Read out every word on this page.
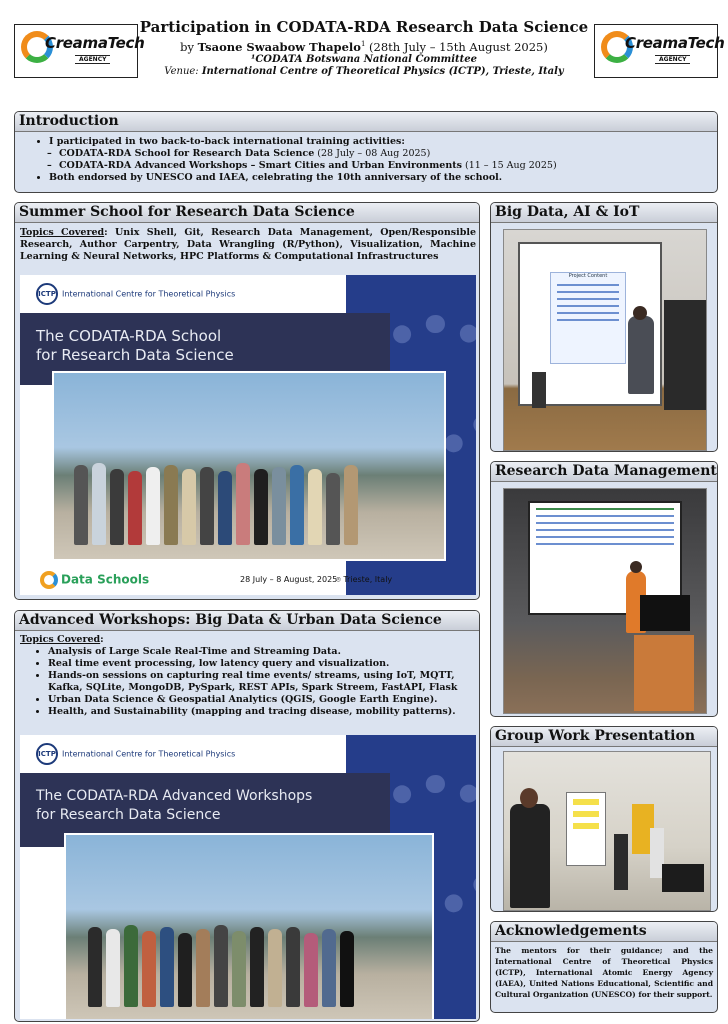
CreamaTech
AGENCY
CreamaTech
AGENCY
Participation in CODATA-RDA Research Data Science
by Tsaone Swaabow Thapelo$^1$ (28th July – 15th August 2025)
¹CODATA Botswana National Committee
Venue: International Centre of Theoretical Physics (ICTP), Trieste, Italy
Introduction
• I participated in two back-to-back international training activities:
– CODATA-RDA School for Research Data Science (28 July – 08 Aug 2025)
– CODATA-RDA Advanced Workshops – Smart Cities and Urban Environments (11 – 15 Aug 2025)
• Both endorsed by UNESCO and IAEA, celebrating the 10th anniversary of the school.
Summer School for Research Data Science
Topics Covered: Unix Shell, Git, Research Data Management, Open/Responsible Research, Author Carpentry, Data Wrangling (R/Python), Visualization, Machine Learning & Neural Networks, HPC Platforms & Computational Infrastructures
ICTP International Centre for Theoretical Physics
The CODATA-RDA School
for Research Data Science
Data Schools	28 July – 8 August, 2025
⌾ Trieste, Italy
Advanced Workshops: Big Data & Urban Data Science
Topics Covered:
• Analysis of Large Scale Real-Time and Streaming Data.
• Real time event processing, low latency query and visualization.
• Hands-on sessions on capturing real time events/ streams, using IoT, MQTT, Kafka, SQLite, MongoDB, PySpark, REST APIs, Spark Streem, FastAPI, Flask
• Urban Data Science & Geospatial Analytics (QGIS, Google Earth Engine).
• Health, and Sustainability (mapping and tracing disease, mobility patterns).
ICTP International Centre for Theoretical Physics
The CODATA-RDA Advanced Workshops
for Research Data Science
Big Data, AI & IoT
Project Content
Research Data Management
Group Work Presentation
Acknowledgements
The mentors for their guidance; and the International Centre of Theoretical Physics (ICTP), International Atomic Energy Agency (IAEA), United Nations Educational, Scientific and Cultural Organization (UNESCO) for their support.
